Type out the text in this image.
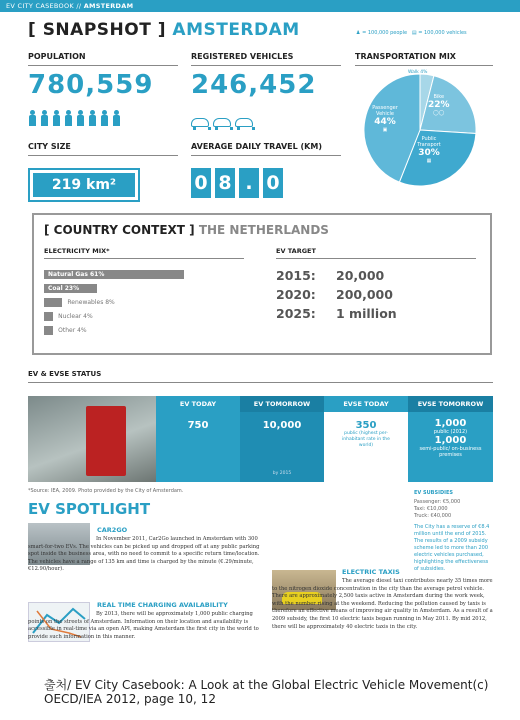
EV CITY CASEBOOK // AMSTERDAM
[ SNAPSHOT ] AMSTERDAM	♟ = 100,000 people ▤ = 100,000 vehicles
POPULATION
780,559
REGISTERED VEHICLES
246,452
TRANSPORTATION MIX
Walk 4%
Bike
22%
◯◯
Passenger Vehicle
44%
▣
Public Transport
30%
▦
CITY SIZE
219 km²
AVERAGE DAILY TRAVEL (KM)
0 8 . 0
[ COUNTRY CONTEXT ] THE NETHERLANDS
ELECTRICITY MIX*
Natural Gas 61%
Coal 23%
Renewables 8%
Nuclear 4%
Other 4%
EV TARGET
2015: 20,000
2020: 200,000
2025: 1 million
EV & EVSE STATUS
EV TODAY
750
EV TOMORROW
10,000
by 2015
EVSE TODAY
350
public (highest per-inhabitant rate in the world)
EVSE TOMORROW
1,000
public (2012)
1,000
semi-public/ on-business premises
*Source: IEA, 2009. Photo provided by the City of Amsterdam.
EV SPOTLIGHT
CAR2GO
In November 2011, Car2Go launched in Amsterdam with 300 smart-for-two EVs. The vehicles can be picked up and dropped off at any public parking spot inside the business area, with no need to commit to a specific return time/location. The vehicles have a range of 135 km and time is charged by the minute (€.29/minute, €12.90/hour).
REAL TIME CHARGING AVAILABILITY
By 2013, there will be approximately 1,000 public charging points on the streets of Amsterdam. Information on their location and availability is accessible in real-time via an open API, making Amsterdam the first city in the world to provide such information in this manner.
EV SUBSIDIES
Passenger: €5,000
Taxi: €10,000
Truck: €40,000
The City has a reserve of €8.4 million until the end of 2015. The results of a 2009 subsidy scheme led to more than 200 electric vehicles purchased, highlighting the effectiveness of subsidies.
ELECTRIC TAXIS
The average diesel taxi contributes nearly 35 times more to the nitrogen dioxide concentration in the city than the average petrol vehicle. There are approximately 2,500 taxis active in Amsterdam during the work week, with the number rising at the weekend. Reducing the pollution caused by taxis is therefore an effective means of improving air quality in Amsterdam. As a result of a 2009 subsidy, the first 10 electric taxis began running in May 2011. By mid 2012, there will be approximately 40 electric taxis in the city.
출처/ EV City Casebook: A Look at the Global Electric Vehicle Movement(c)
OECD/IEA 2012, page 10, 12
